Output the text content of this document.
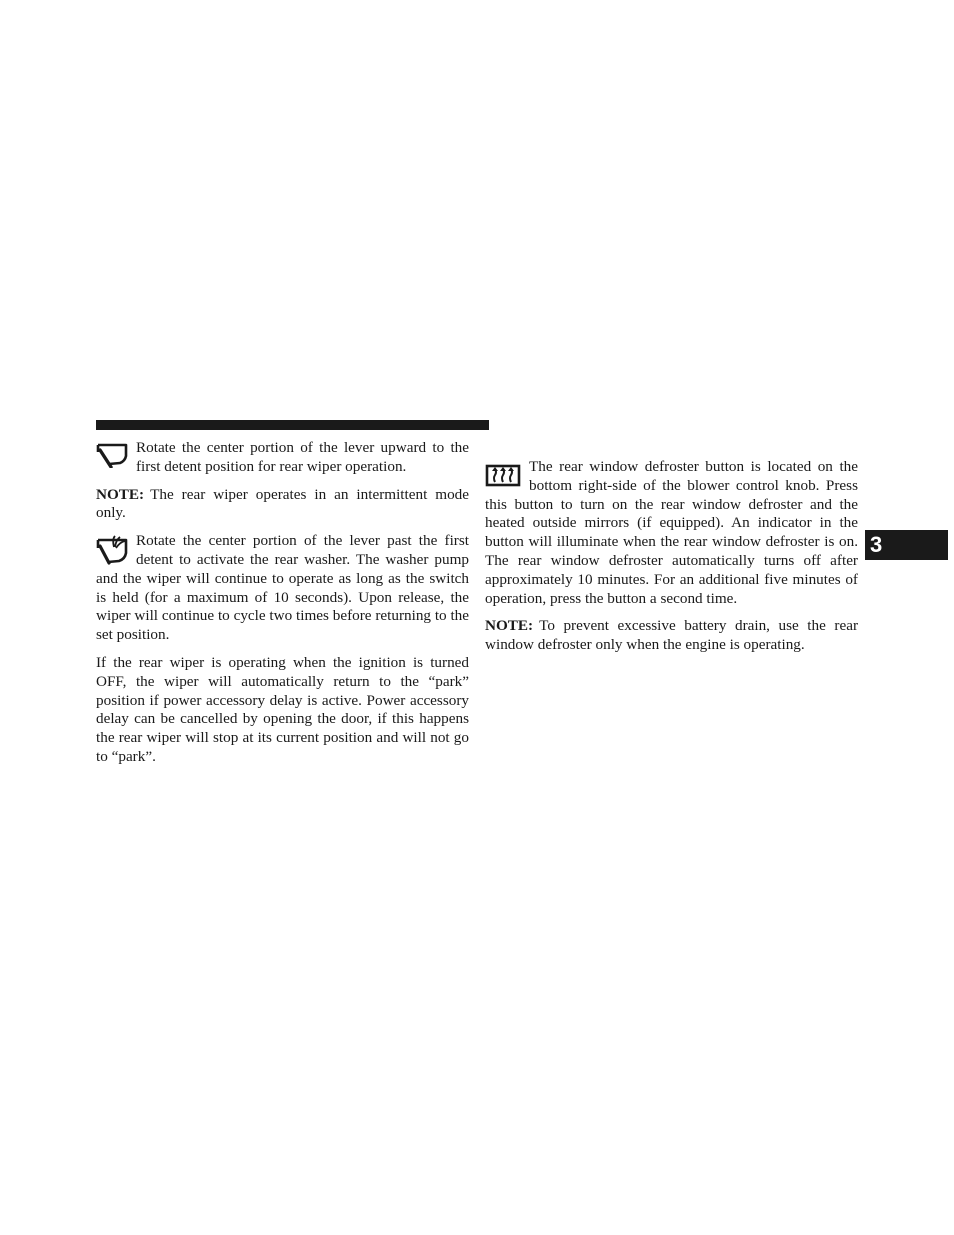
Rotate the center portion of the lever upward to the first detent position for rear wiper operation.

NOTE: The rear wiper operates in an intermittent mode only.

Rotate the center portion of the lever past the first detent to activate the rear washer. The washer pump and the wiper will continue to operate as long as the switch is held (for a maximum of 10 seconds). Upon release, the wiper will continue to cycle two times before returning to the set position.

If the rear wiper is operating when the ignition is turned OFF, the wiper will automatically return to the “park” position if power accessory delay is active. Power accessory delay can be cancelled by opening the door, if this happens the rear wiper will stop at its current position and will not go to “park”.

The rear window defroster button is located on the bottom right-side of the blower control knob. Press this button to turn on the rear window defroster and the heated outside mirrors (if equipped). An indicator in the button will illuminate when the rear window defroster is on. The rear window defroster automatically turns off after approximately 10 minutes. For an additional five minutes of operation, press the button a second time.

NOTE: To prevent excessive battery drain, use the rear window defroster only when the engine is operating.

3
